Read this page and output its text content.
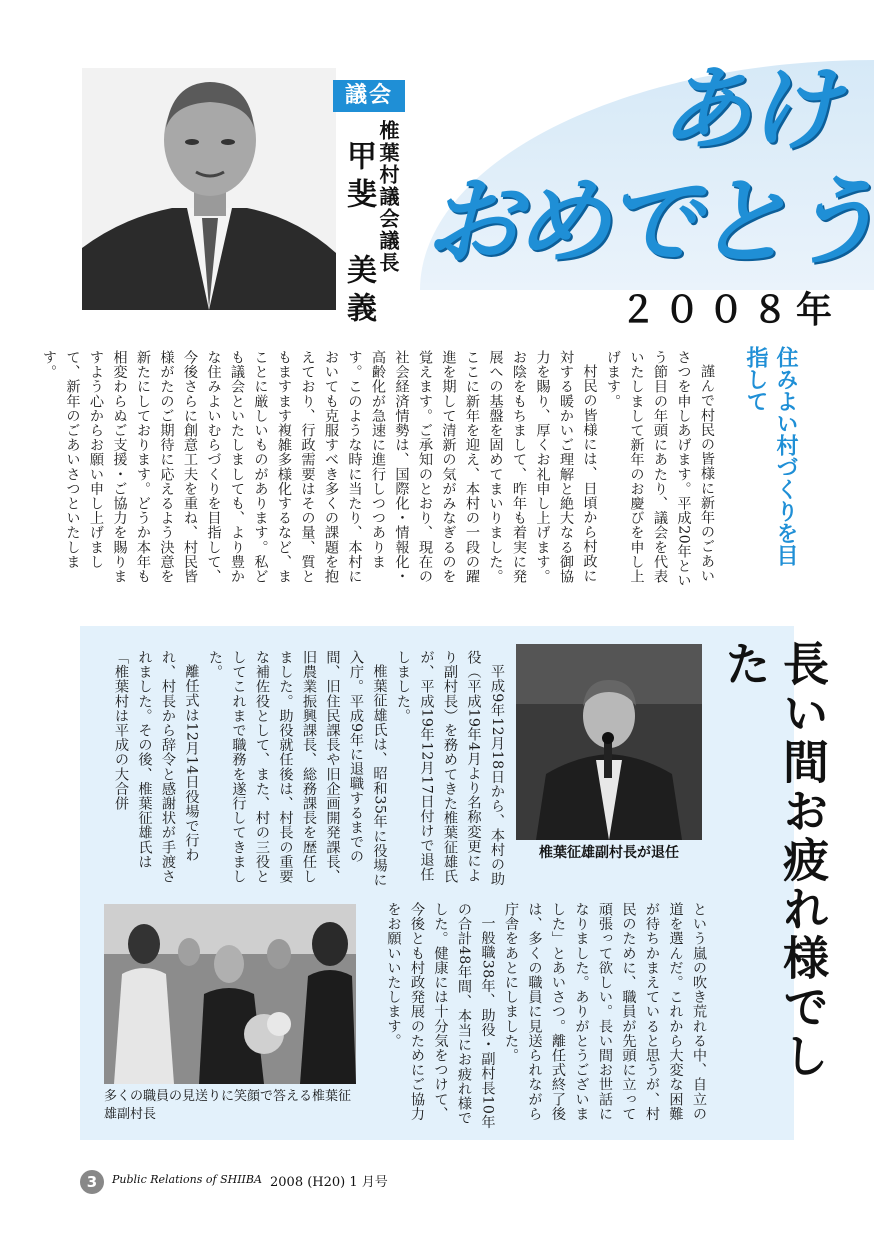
議会
椎葉村議会議長
甲斐　美義
あけ
おめでとう
２００８年
住みよい村づくりを目指して

謹んで村民の皆様に新年のごあいさつを申しあげます。平成20年という節目の年頭にあたり、議会を代表いたしまして新年のお慶びを申し上げます。

村民の皆様には、日頃から村政に対する暖かいご理解と絶大なる御協力を賜り、厚くお礼申し上げます。お陰をもちまして、昨年も着実に発展への基盤を固めてまいりました。ここに新年を迎え、本村の一段の躍進を期して清新の気がみなぎるのを覚えます。ご承知のとおり、現在の社会経済情勢は、国際化・情報化・高齢化が急速に進行しつつあります。このような時に当たり、本村においても克服すべき多くの課題を抱えており、行政需要はその量、質ともますます複雑多様化するなど、まことに厳しいものがあります。私ども議会といたしましても、より豊かな住みよいむらづくりを目指して、今後さらに創意工夫を重ね、村民皆様がたのご期待に応えるよう決意を新たにしております。どうか本年も相変わらぬご支援・ご協力を賜りますよう心からお願い申し上げまして、新年のごあいさつといたします。

長い間お疲れ様でした
椎葉征雄副村長が退任

平成9年12月18日から、本村の助役（平成19年4月より名称変更により副村長）を務めてきた椎葉征雄氏が、平成19年12月17日付けで退任しました。

椎葉征雄氏は、昭和35年に役場に入庁。平成9年に退職するまでの間、旧住民課長や旧企画開発課長、旧農業振興課長、総務課長を歴任しました。助役就任後は、村長の重要な補佐役として、また、村の三役としてこれまで職務を遂行してきました。

離任式は12月14日役場で行われ、村長から辞令と感謝状が手渡されました。その後、椎葉征雄氏は「椎葉村は平成の大合併

という嵐の吹き荒れる中、自立の道を選んだ。これから大変な困難が待ちかまえていると思うが、村民のために、職員が先頭に立って頑張って欲しい。長い間お世話になりました。ありがとうございました」とあいさつ。離任式終了後は、多くの職員に見送られながら庁舎をあとにしました。

一般職38年、助役・副村長10年の合計48年間、本当にお疲れ様でした。健康には十分気をつけて、今後とも村政発展のためにご協力をお願いいたします。

多くの職員の見送りに笑顔で答える椎葉征雄副村長
3	Public Relations of SHIIBA 2008 (H20) 1 月号
